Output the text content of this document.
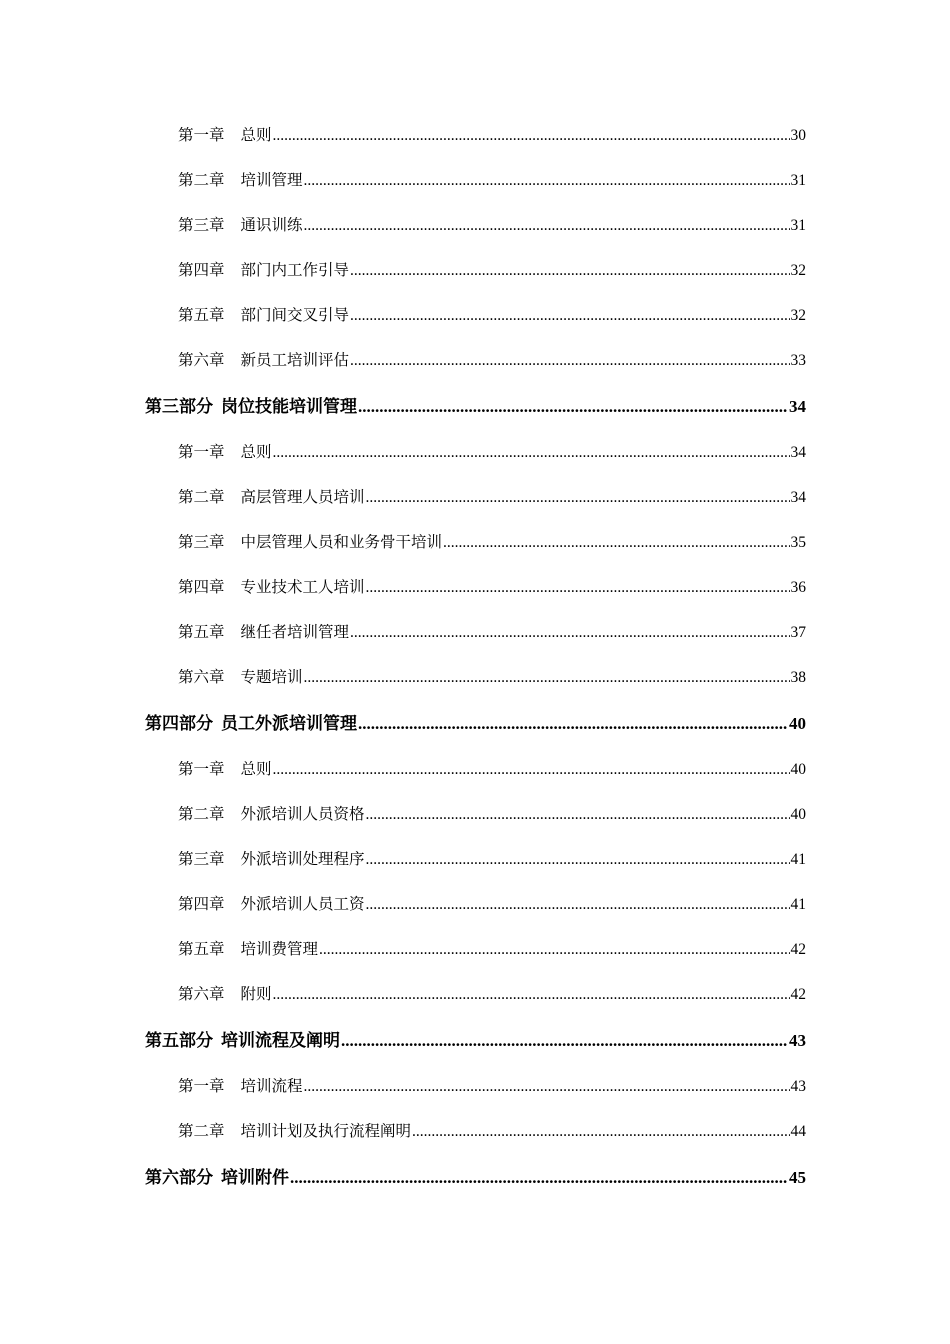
第一章 总则 .....	30
第二章 培训管理 .....	31
第三章 通识训练 .....	31
第四章 部门内工作引导 .....	32
第五章 部门间交叉引导 .....	32
第六章 新员工培训评估 .....	33
第三部分 岗位技能培训管理 .....	34
第一章 总则 .....	34
第二章 高层管理人员培训 .....	34
第三章 中层管理人员和业务骨干培训 .....	35
第四章 专业技术工人培训 .....	36
第五章 继任者培训管理 .....	37
第六章 专题培训 .....	38
第四部分 员工外派培训管理 .....	40
第一章 总则 .....	40
第二章 外派培训人员资格 .....	40
第三章 外派培训处理程序 .....	41
第四章 外派培训人员工资 .....	41
第五章 培训费管理 .....	42
第六章 附则 .....	42
第五部分 培训流程及阐明 .....	43
第一章 培训流程 .....	43
第二章 培训计划及执行流程阐明 .....	44
第六部分 培训附件 .....	45
